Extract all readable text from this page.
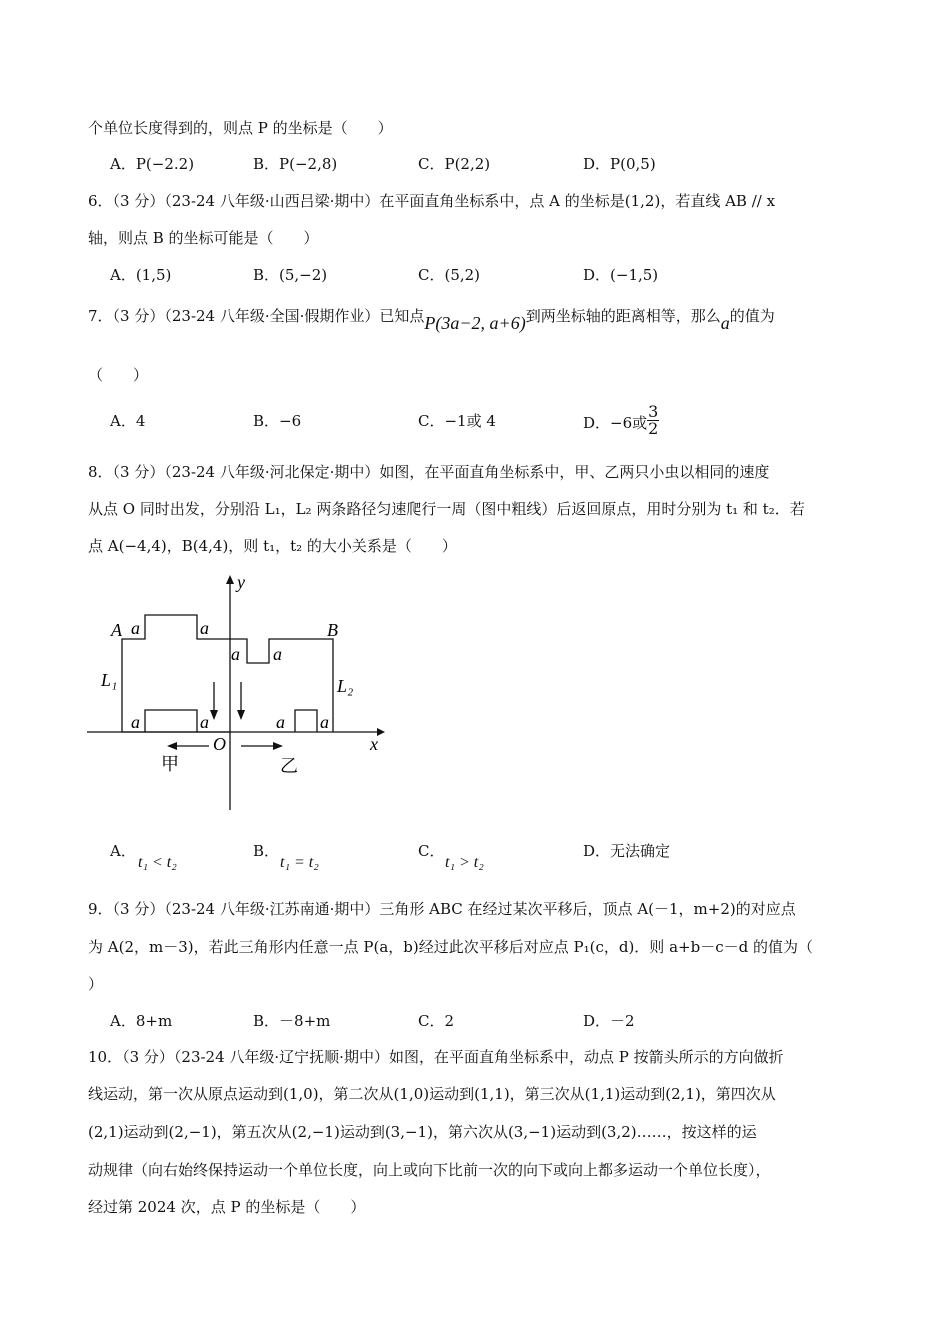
个单位长度得到的，则点 P 的坐标是（　　）
A．P(−2.2)	B．P(−2,8)	C．P(2,2)	D．P(0,5)
6．（3 分）（23-24 八年级·山西吕梁·期中）在平面直角坐标系中，点 A 的坐标是(1,2)，若直线 AB // x
轴，则点 B 的坐标可能是（　　）
A．(1,5)	B．(5,−2)	C．(5,2)	D．(−1,5)
7．（3 分）（23-24 八年级·全国·假期作业）已知点P(3a−2, a+6)到两坐标轴的距离相等，那么a的值为
（　　）
A．4	B．−6	C．−1或 4	D．−6或 $\frac{3}{2}$
8．（3 分）（23-24 八年级·河北保定·期中）如图，在平面直角坐标系中，甲、乙两只小虫以相同的速度
从点 O 同时出发，分别沿 L₁，L₂ 两条路径匀速爬行一周（图中粗线）后返回原点，用时分别为 t₁ 和 t₂．若
点 A(−4,4)，B(4,4)，则 t₁，t₂ 的大小关系是（　　）
x
y
A	B
L₁	L₂
O
a	a
a a
a	a	a a
甲	乙
A．
t₁ < t₂
B．
t₁ = t₂
C．
t₁ > t₂
D．无法确定
9．（3 分）（23-24 八年级·江苏南通·期中）三角形 ABC 在经过某次平移后，顶点 A(－1，m+2)的对应点
为 A(2，m－3)，若此三角形内任意一点 P(a，b)经过此次平移后对应点 P₁(c，d)．则 a+b－c－d 的值为（
）
A．8+m	B．－8+m	C．2	D．－2
10．（3 分）（23-24 八年级·辽宁抚顺·期中）如图，在平面直角坐标系中，动点 P 按箭头所示的方向做折
线运动，第一次从原点运动到(1,0)，第二次从(1,0)运动到(1,1)，第三次从(1,1)运动到(2,1)，第四次从
(2,1)运动到(2,−1)，第五次从(2,−1)运动到(3,−1)，第六次从(3,−1)运动到(3,2)……，按这样的运
动规律（向右始终保持运动一个单位长度，向上或向下比前一次的向下或向上都多运动一个单位长度），
经过第 2024 次，点 P 的坐标是（　　）
